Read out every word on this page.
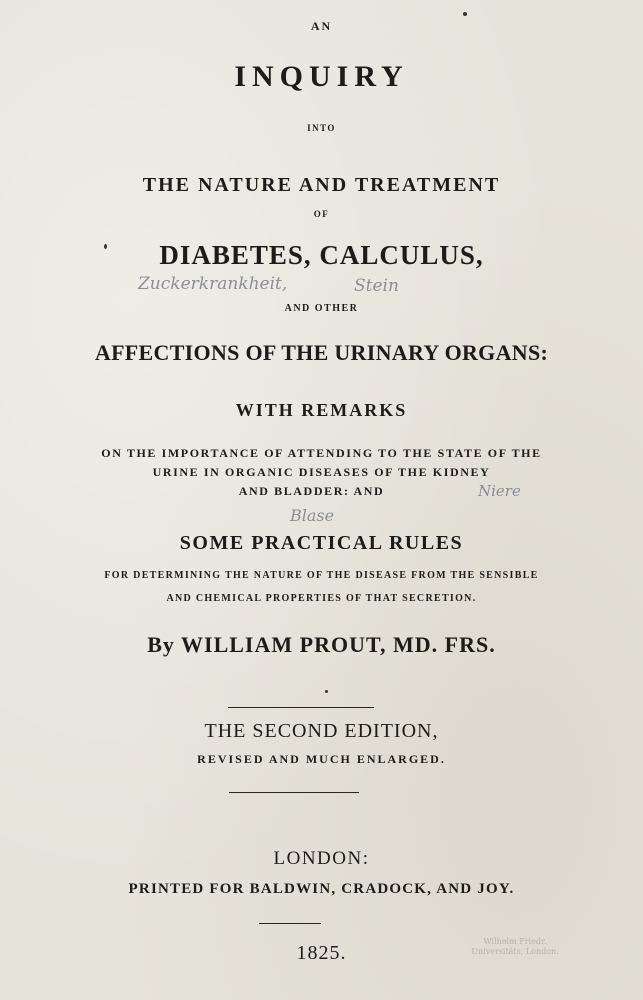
AN
INQUIRY
INTO
THE NATURE AND TREATMENT
OF
DIABETES, CALCULUS,
AND OTHER
AFFECTIONS OF THE URINARY ORGANS:
WITH REMARKS
ON THE IMPORTANCE OF ATTENDING TO THE STATE OF THE
URINE IN ORGANIC DISEASES OF THE KIDNEY
AND BLADDER: AND
SOME PRACTICAL RULES
FOR DETERMINING THE NATURE OF THE DISEASE FROM THE SENSIBLE
AND CHEMICAL PROPERTIES OF THAT SECRETION.
By WILLIAM PROUT, MD. FRS.
THE SECOND EDITION,
REVISED AND MUCH ENLARGED.
LONDON:
PRINTED FOR BALDWIN, CRADOCK, AND JOY.
1825.
Zuckerkrankheit,	Stein
Niere
Blase
Wilhelm Friedr.
Universitäts, London.
